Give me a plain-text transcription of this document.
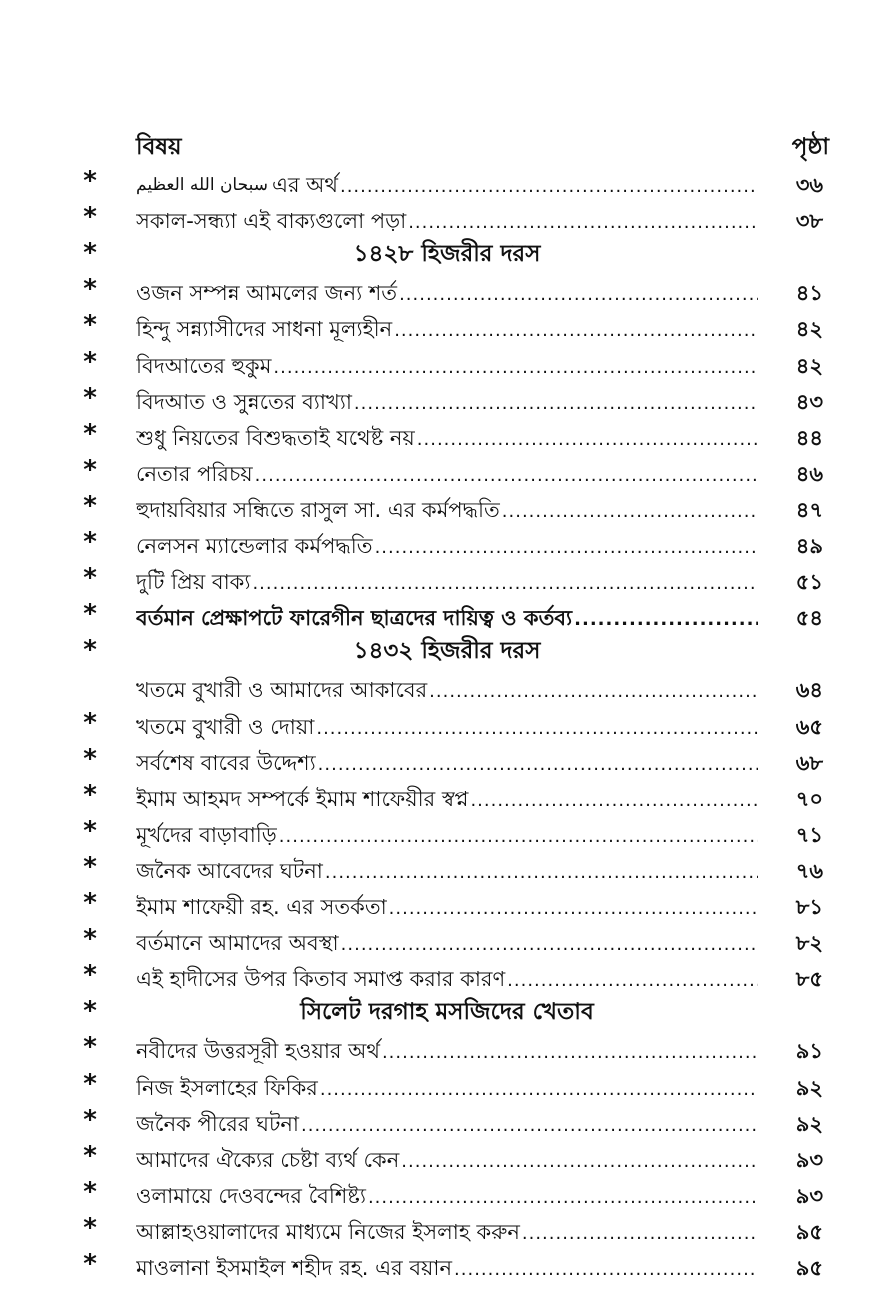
বিষয়	পৃষ্ঠা
* سبحان الله العظيم এর অর্থ .....	৩৬
* সকাল-সন্ধ্যা এই বাক্যগুলো পড়া .....	৩৮
*	১৪২৮ হিজরীর দরস
* ওজন সম্পন্ন আমলের জন্য শর্ত .....	৪১
* হিন্দু সন্ন্যাসীদের সাধনা মূল্যহীন .....	৪২
* বিদআতের হুকুম .....	৪২
* বিদআত ও সুন্নতের ব্যাখ্যা .....	৪৩
* শুধু নিয়তের বিশুদ্ধতাই যথেষ্ট নয় .....	৪৪
* নেতার পরিচয় .....	৪৬
* হুদায়বিয়ার সন্ধিতে রাসুল সা. এর কর্মপদ্ধতি .....	৪৭
* নেলসন ম্যান্ডেলার কর্মপদ্ধতি .....	৪৯
* দুটি প্রিয় বাক্য .....	৫১
* বর্তমান প্রেক্ষাপটে ফারেগীন ছাত্রদের দায়িত্ব ও কর্তব্য .....	৫৪
*	১৪৩২ হিজরীর দরস
খতমে বুখারী ও আমাদের আকাবের .....	৬৪
* খতমে বুখারী ও দোয়া .....	৬৫
* সর্বশেষ বাবের উদ্দেশ্য .....	৬৮
* ইমাম আহমদ সম্পর্কে ইমাম শাফেয়ীর স্বপ্ন .....	৭০
* মূর্খদের বাড়াবাড়ি .....	৭১
* জনৈক আবেদের ঘটনা .....	৭৬
* ইমাম শাফেয়ী রহ. এর সতর্কতা .....	৮১
* বর্তমানে আমাদের অবস্থা .....	৮২
* এই হাদীসের উপর কিতাব সমাপ্ত করার কারণ .....	৮৫
*	সিলেট দরগাহ মসজিদের খেতাব
* নবীদের উত্তরসূরী হওয়ার অর্থ .....	৯১
* নিজ ইসলাহের ফিকির .....	৯২
* জনৈক পীরের ঘটনা .....	৯২
* আমাদের ঐক্যের চেষ্টা ব্যর্থ কেন .....	৯৩
* ওলামায়ে দেওবন্দের বৈশিষ্ট্য .....	৯৩
* আল্লাহওয়ালাদের মাধ্যমে নিজের ইসলাহ করুন .....	৯৫
* মাওলানা ইসমাইল শহীদ রহ. এর বয়ান .....	৯৫
